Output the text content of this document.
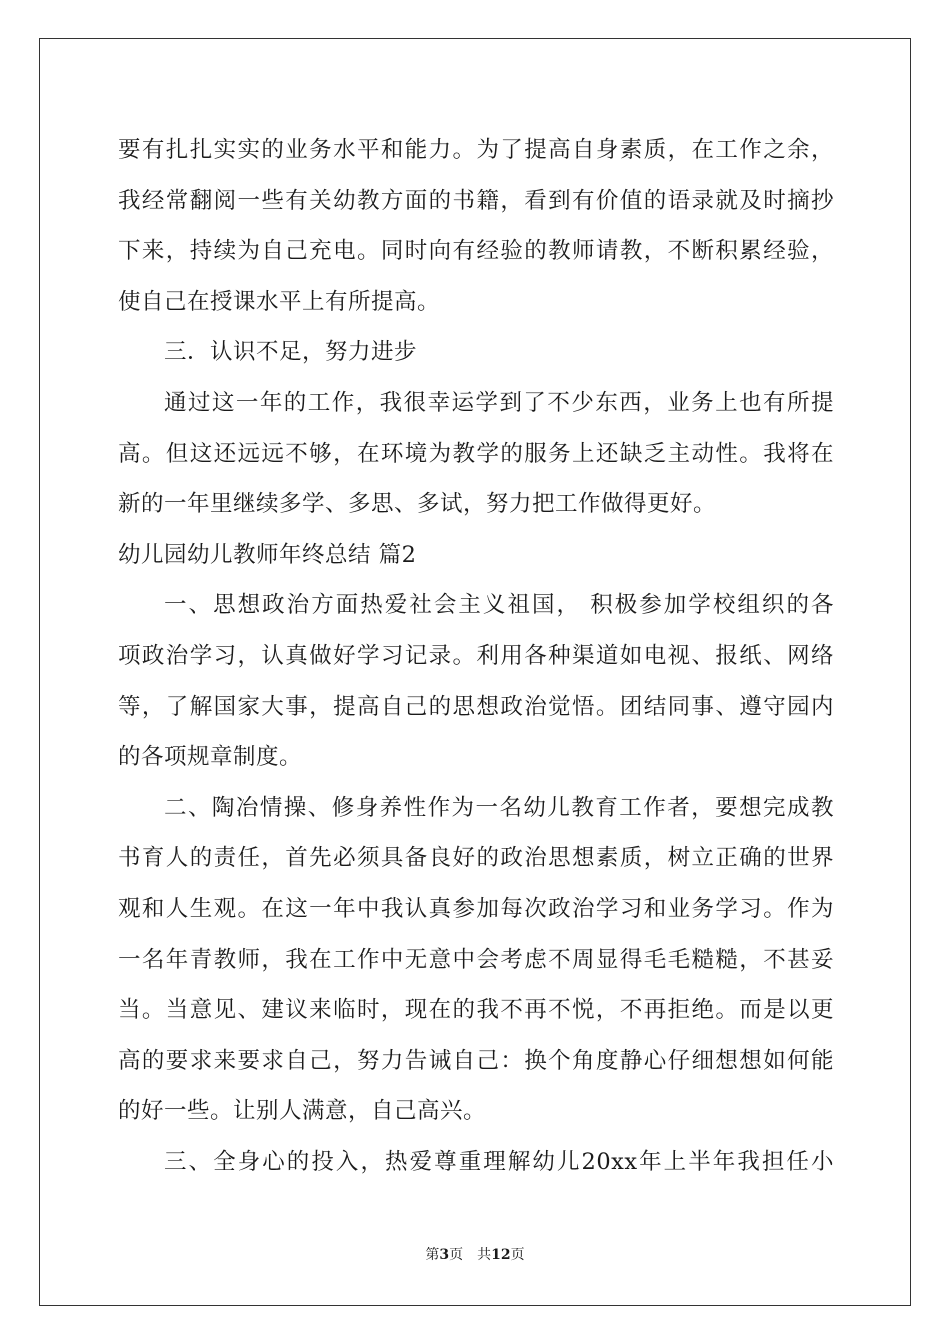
要有扎扎实实的业务水平和能力。为了提高自身素质，在工作之余，
我经常翻阅一些有关幼教方面的书籍，看到有价值的语录就及时摘抄
下来，持续为自己充电。同时向有经验的教师请教，不断积累经验，
使自己在授课水平上有所提高。
三．认识不足，努力进步
通过这一年的工作，我很幸运学到了不少东西，业务上也有所提
高。但这还远远不够，在环境为教学的服务上还缺乏主动性。我将在
新的一年里继续多学、多思、多试，努力把工作做得更好。
幼儿园幼儿教师年终总结 篇2
一、思想政治方面热爱社会主义祖国， 积极参加学校组织的各
项政治学习，认真做好学习记录。利用各种渠道如电视、报纸、网络
等，了解国家大事，提高自己的思想政治觉悟。团结同事、遵守园内
的各项规章制度。
二、陶冶情操、修身养性作为一名幼儿教育工作者，要想完成教
书育人的责任，首先必须具备良好的政治思想素质，树立正确的世界
观和人生观。在这一年中我认真参加每次政治学习和业务学习。作为
一名年青教师，我在工作中无意中会考虑不周显得毛毛糙糙，不甚妥
当。当意见、建议来临时，现在的我不再不悦，不再拒绝。而是以更
高的要求来要求自己，努力告诫自己：换个角度静心仔细想想如何能
的好一些。让别人满意，自己高兴。
三、全身心的投入，热爱尊重理解幼儿20xx年上半年我担任小
第3页 共12页
